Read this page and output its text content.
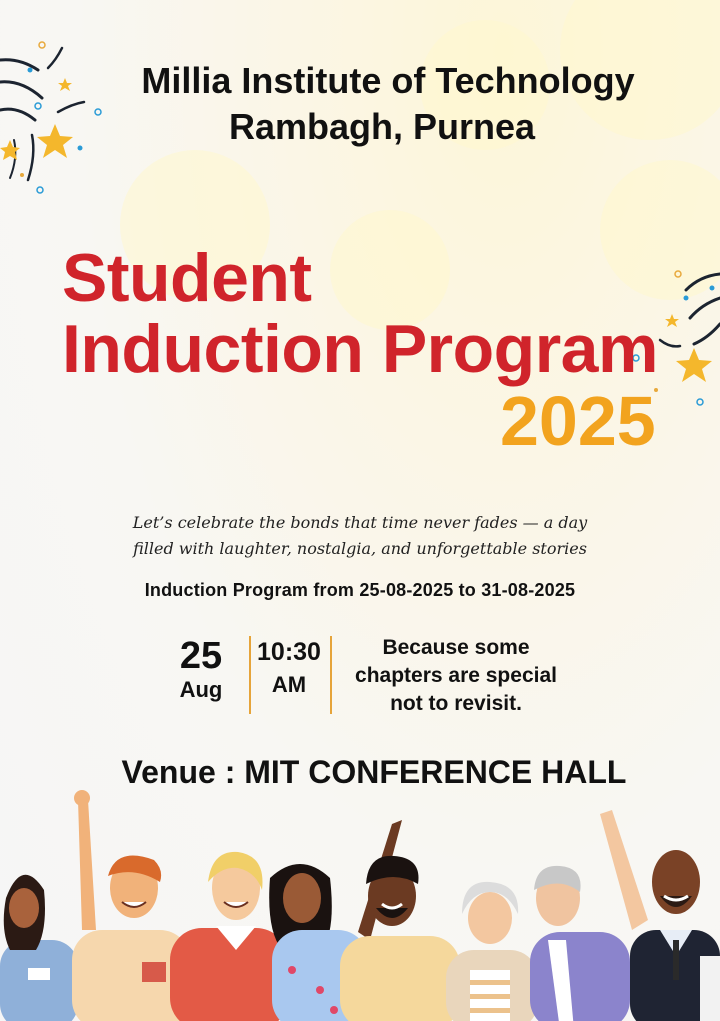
Millia Institute of Technology
Rambagh, Purnea
Student
Induction Program
2025
Let’s celebrate the bonds that time never fades — a day
filled with laughter, nostalgia, and unforgettable stories
Induction Program from 25-08-2025 to 31-08-2025
25
Aug
10:30
AM
Because some
chapters are special
not to revisit.
Venue : MIT CONFERENCE HALL
